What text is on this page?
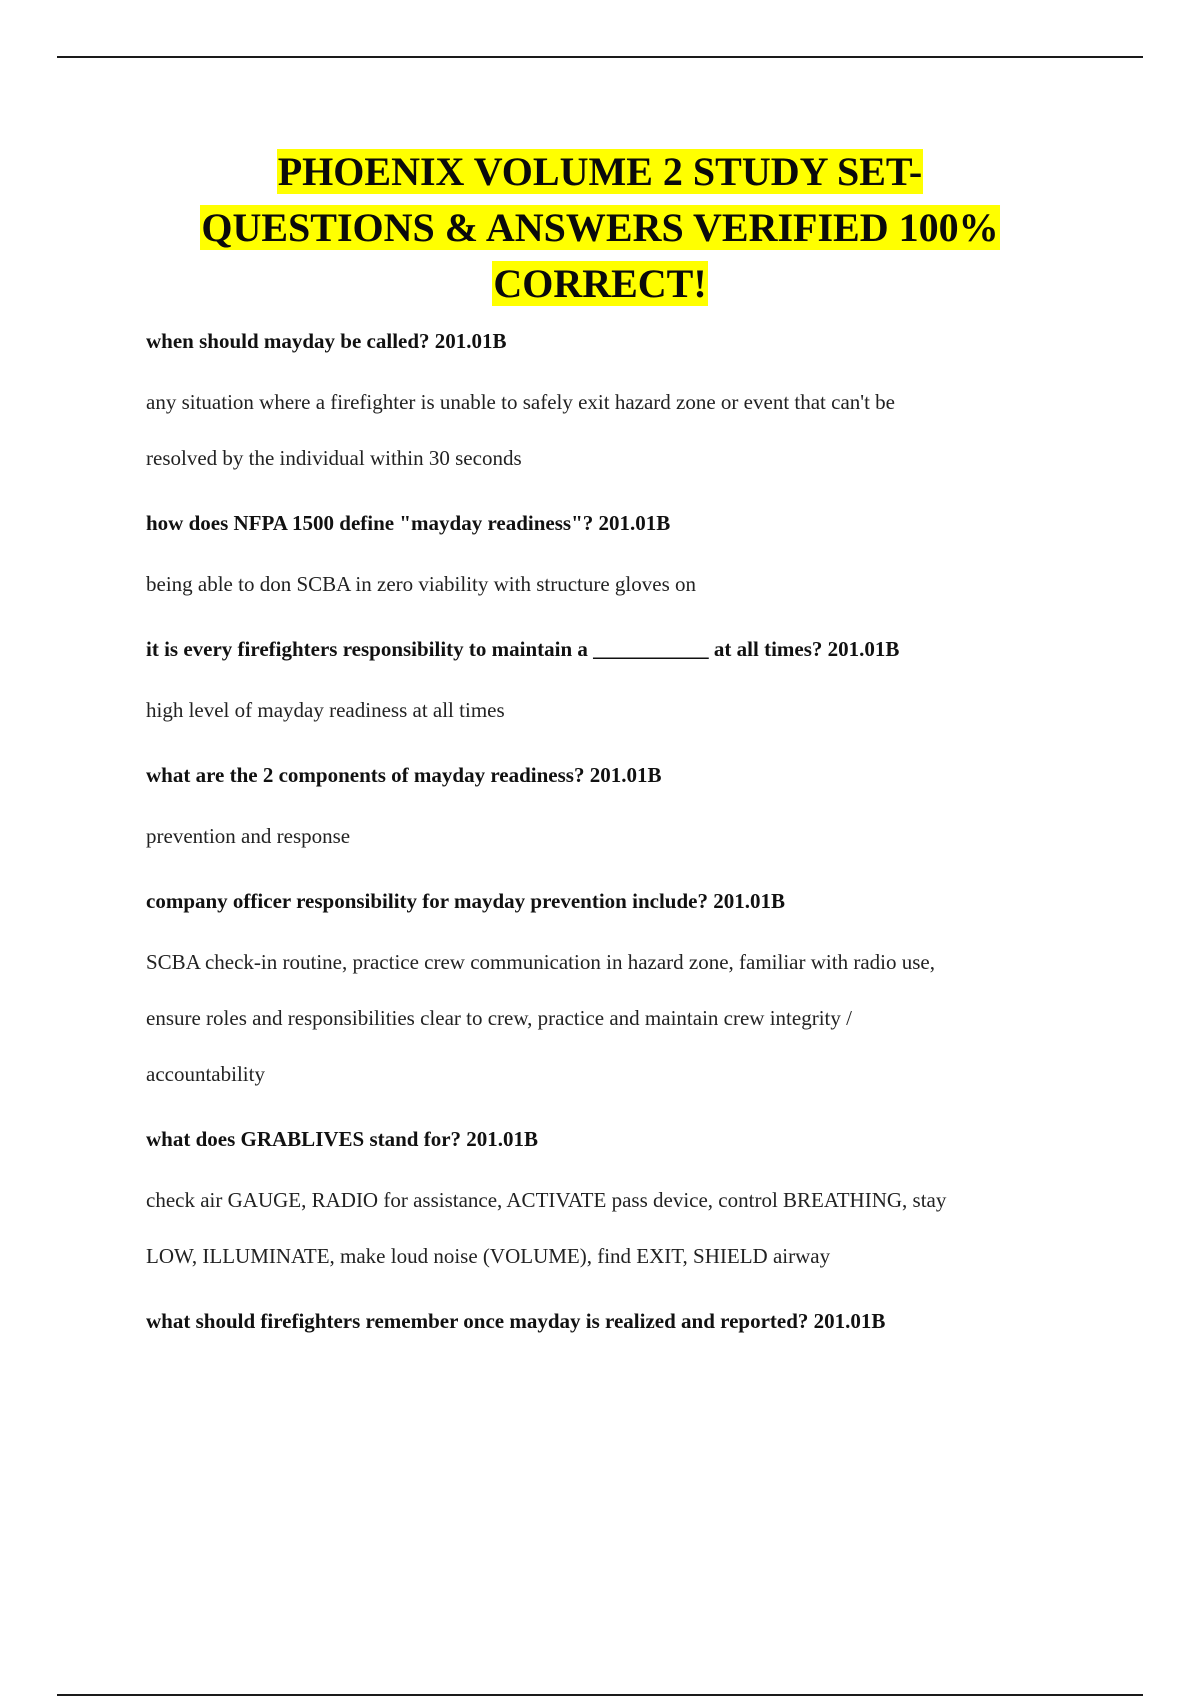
PHOENIX VOLUME 2 STUDY SET-
QUESTIONS & ANSWERS VERIFIED 100%
CORRECT!

when should mayday be called? 201.01B

any situation where a firefighter is unable to safely exit hazard zone or event that can't be

resolved by the individual within 30 seconds

how does NFPA 1500 define "mayday readiness"? 201.01B

being able to don SCBA in zero viability with structure gloves on

it is every firefighters responsibility to maintain a ___________ at all times? 201.01B

high level of mayday readiness at all times

what are the 2 components of mayday readiness? 201.01B

prevention and response

company officer responsibility for mayday prevention include? 201.01B

SCBA check-in routine, practice crew communication in hazard zone, familiar with radio use,

ensure roles and responsibilities clear to crew, practice and maintain crew integrity /

accountability

what does GRABLIVES stand for? 201.01B

check air GAUGE, RADIO for assistance, ACTIVATE pass device, control BREATHING, stay

LOW, ILLUMINATE, make loud noise (VOLUME), find EXIT, SHIELD airway

what should firefighters remember once mayday is realized and reported? 201.01B
